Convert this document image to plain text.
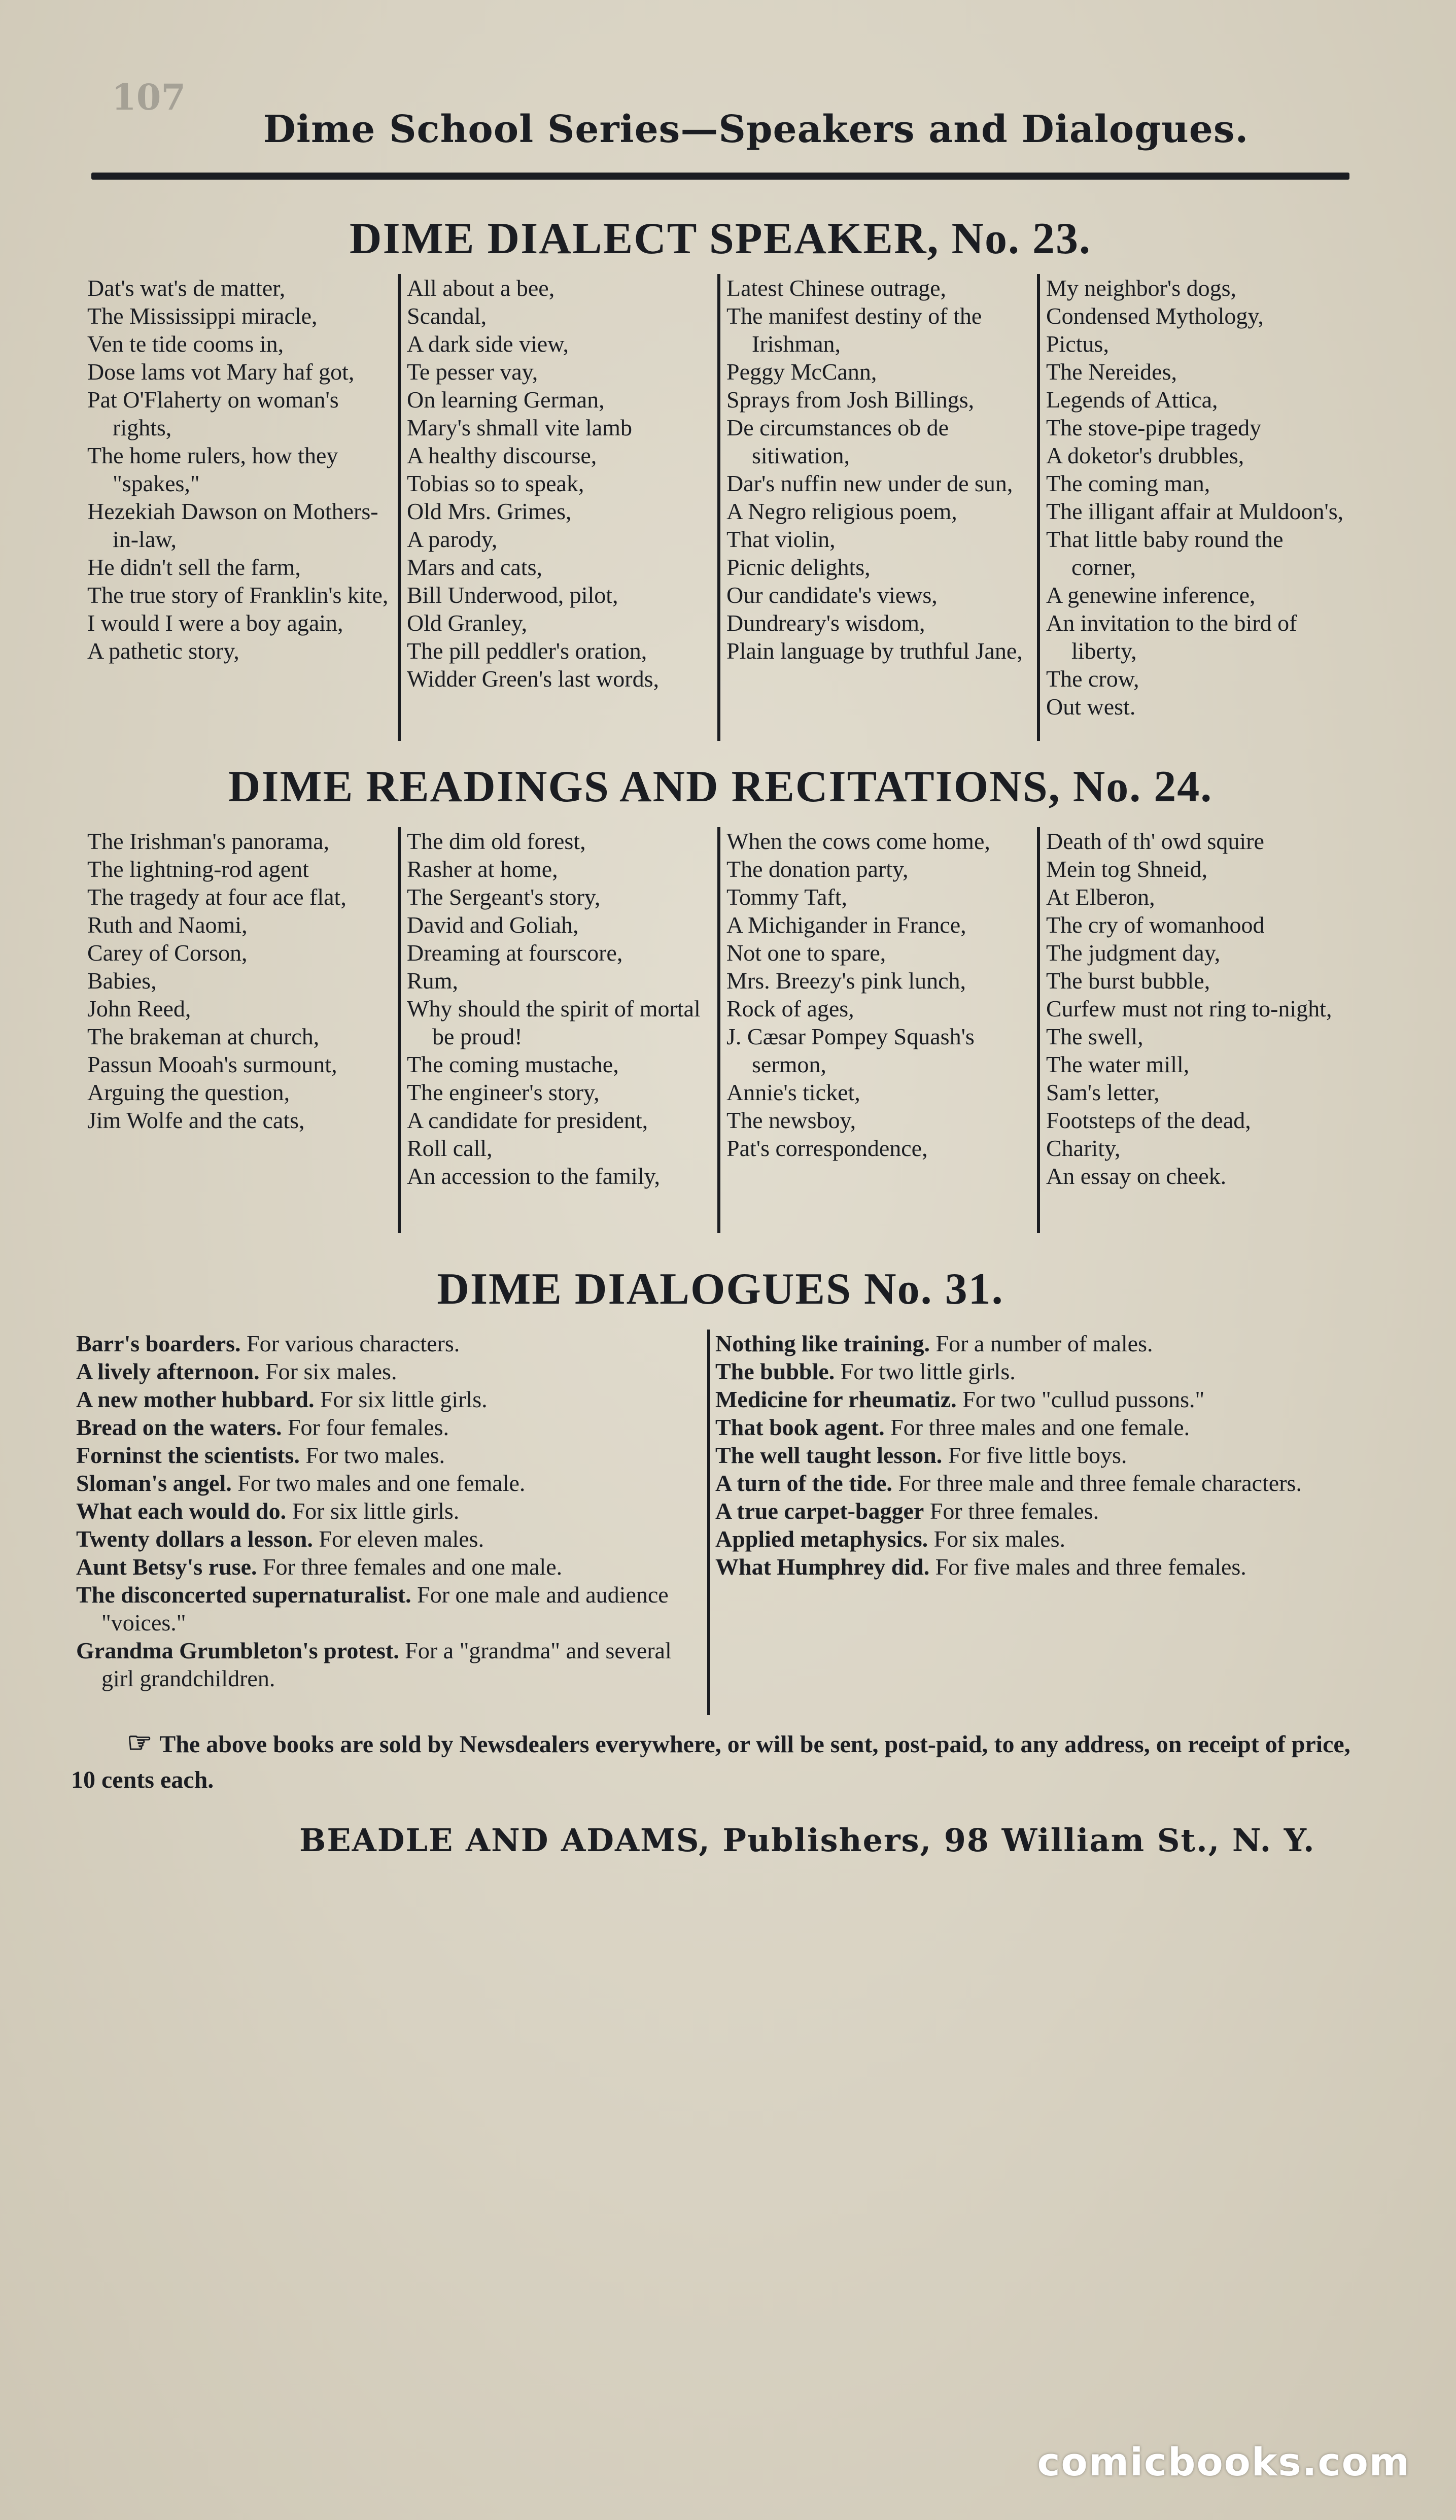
107
Dime School Series—Speakers and Dialogues.
DIME DIALECT SPEAKER, No. 23.

Dat's wat's de matter,

The Mississippi miracle,

Ven te tide cooms in,

Dose lams vot Mary haf got,

Pat O'Flaherty on woman's rights,

The home rulers, how they "spakes,"

Hezekiah Dawson on Mothers-in-law,

He didn't sell the farm,

The true story of Franklin's kite,

I would I were a boy again,

A pathetic story,

All about a bee,

Scandal,

A dark side view,

Te pesser vay,

On learning German,

Mary's shmall vite lamb

A healthy discourse,

Tobias so to speak,

Old Mrs. Grimes,

A parody,

Mars and cats,

Bill Underwood, pilot,

Old Granley,

The pill peddler's oration,

Widder Green's last words,

Latest Chinese outrage,

The manifest destiny of the Irishman,

Peggy McCann,

Sprays from Josh Billings,

De circumstances ob de sitiwation,

Dar's nuffin new under de sun,

A Negro religious poem,

That violin,

Picnic delights,

Our candidate's views,

Dundreary's wisdom,

Plain language by truthful Jane,

My neighbor's dogs,

Condensed Mythology,

Pictus,

The Nereides,

Legends of Attica,

The stove-pipe tragedy

A doketor's drubbles,

The coming man,

The illigant affair at Muldoon's,

That little baby round the corner,

A genewine inference,

An invitation to the bird of liberty,

The crow,

Out west.

DIME READINGS AND RECITATIONS, No. 24.

The Irishman's panorama,

The lightning-rod agent

The tragedy at four ace flat,

Ruth and Naomi,

Carey of Corson,

Babies,

John Reed,

The brakeman at church,

Passun Mooah's surmount,

Arguing the question,

Jim Wolfe and the cats,

The dim old forest,

Rasher at home,

The Sergeant's story,

David and Goliah,

Dreaming at fourscore,

Rum,

Why should the spirit of mortal be proud!

The coming mustache,

The engineer's story,

A candidate for president,

Roll call,

An accession to the family,

When the cows come home,

The donation party,

Tommy Taft,

A Michigander in France,

Not one to spare,

Mrs. Breezy's pink lunch,

Rock of ages,

J. Cæsar Pompey Squash's sermon,

Annie's ticket,

The newsboy,

Pat's correspondence,

Death of th' owd squire

Mein tog Shneid,

At Elberon,

The cry of womanhood

The judgment day,

The burst bubble,

Curfew must not ring to-night,

The swell,

The water mill,

Sam's letter,

Footsteps of the dead,

Charity,

An essay on cheek.

DIME DIALOGUES No. 31.

Barr's boarders. For various characters.

A lively afternoon. For six males.

A new mother hubbard. For six little girls.

Bread on the waters. For four females.

Forninst the scientists. For two males.

Sloman's angel. For two males and one female.

What each would do. For six little girls.

Twenty dollars a lesson. For eleven males.

Aunt Betsy's ruse. For three females and one male.

The disconcerted supernaturalist. For one male and audience "voices."

Grandma Grumbleton's protest. For a "grandma" and several girl grandchildren.

Nothing like training. For a number of males.

The bubble. For two little girls.

Medicine for rheumatiz. For two "cullud pussons."

That book agent. For three males and one female.

The well taught lesson. For five little boys.

A turn of the tide. For three male and three female characters.

A true carpet-bagger For three females.

Applied metaphysics. For six males.

What Humphrey did. For five males and three females.

☞ The above books are sold by Newsdealers everywhere, or will be sent, post-paid, to any address, on receipt of price, 10 cents each.
BEADLE AND ADAMS, Publishers, 98 William St., N. Y.
comicbooks.com
